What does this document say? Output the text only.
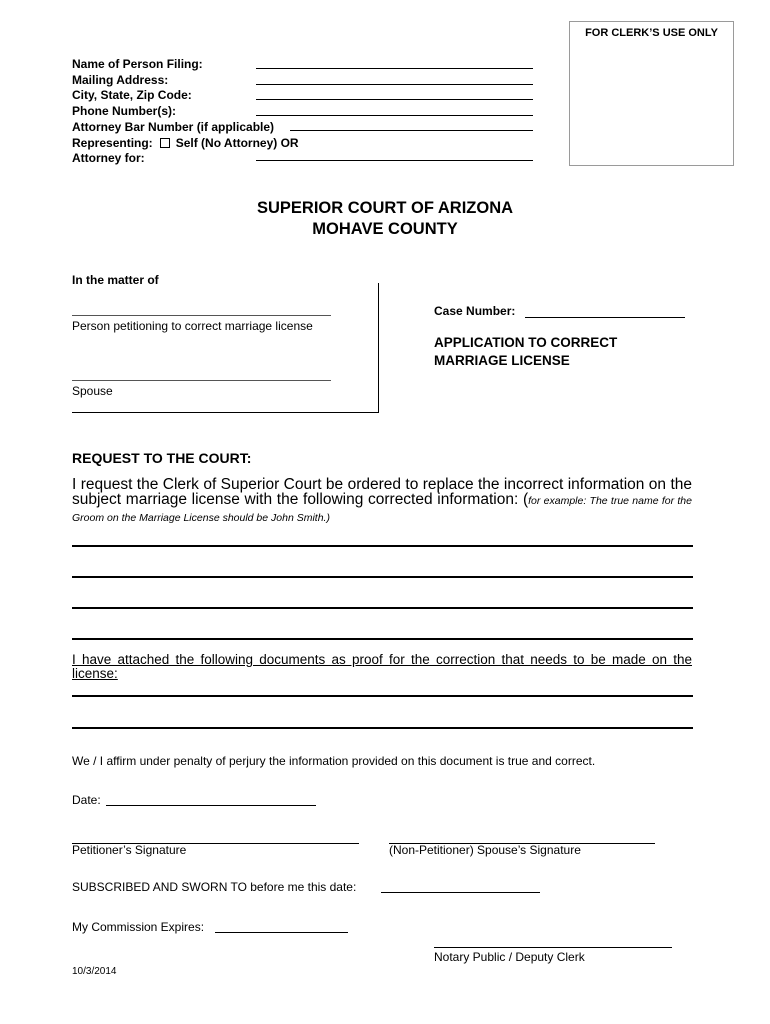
FOR CLERK’S USE ONLY
Name of Person Filing:
Mailing Address:
City, State, Zip Code:
Phone Number(s):
Attorney Bar Number (if applicable)
Representing: Self (No Attorney) OR
Attorney for:
SUPERIOR COURT OF ARIZONA
MOHAVE COUNTY
In the matter of
Person petitioning to correct marriage license
Spouse
Case Number:
APPLICATION TO CORRECT
MARRIAGE LICENSE
REQUEST TO THE COURT:
I request the Clerk of Superior Court be ordered to replace the incorrect information on the subject marriage license with the following corrected information: (for example: The true name for the Groom on the Marriage License should be John Smith.)
I have attached the following documents as proof for the correction that needs to be made on the license:
We / I affirm under penalty of perjury the information provided on this document is true and correct.
Date:
Petitioner’s Signature	(Non-Petitioner) Spouse’s Signature
SUBSCRIBED AND SWORN TO before me this date:
My Commission Expires:
Notary Public / Deputy Clerk
10/3/2014
